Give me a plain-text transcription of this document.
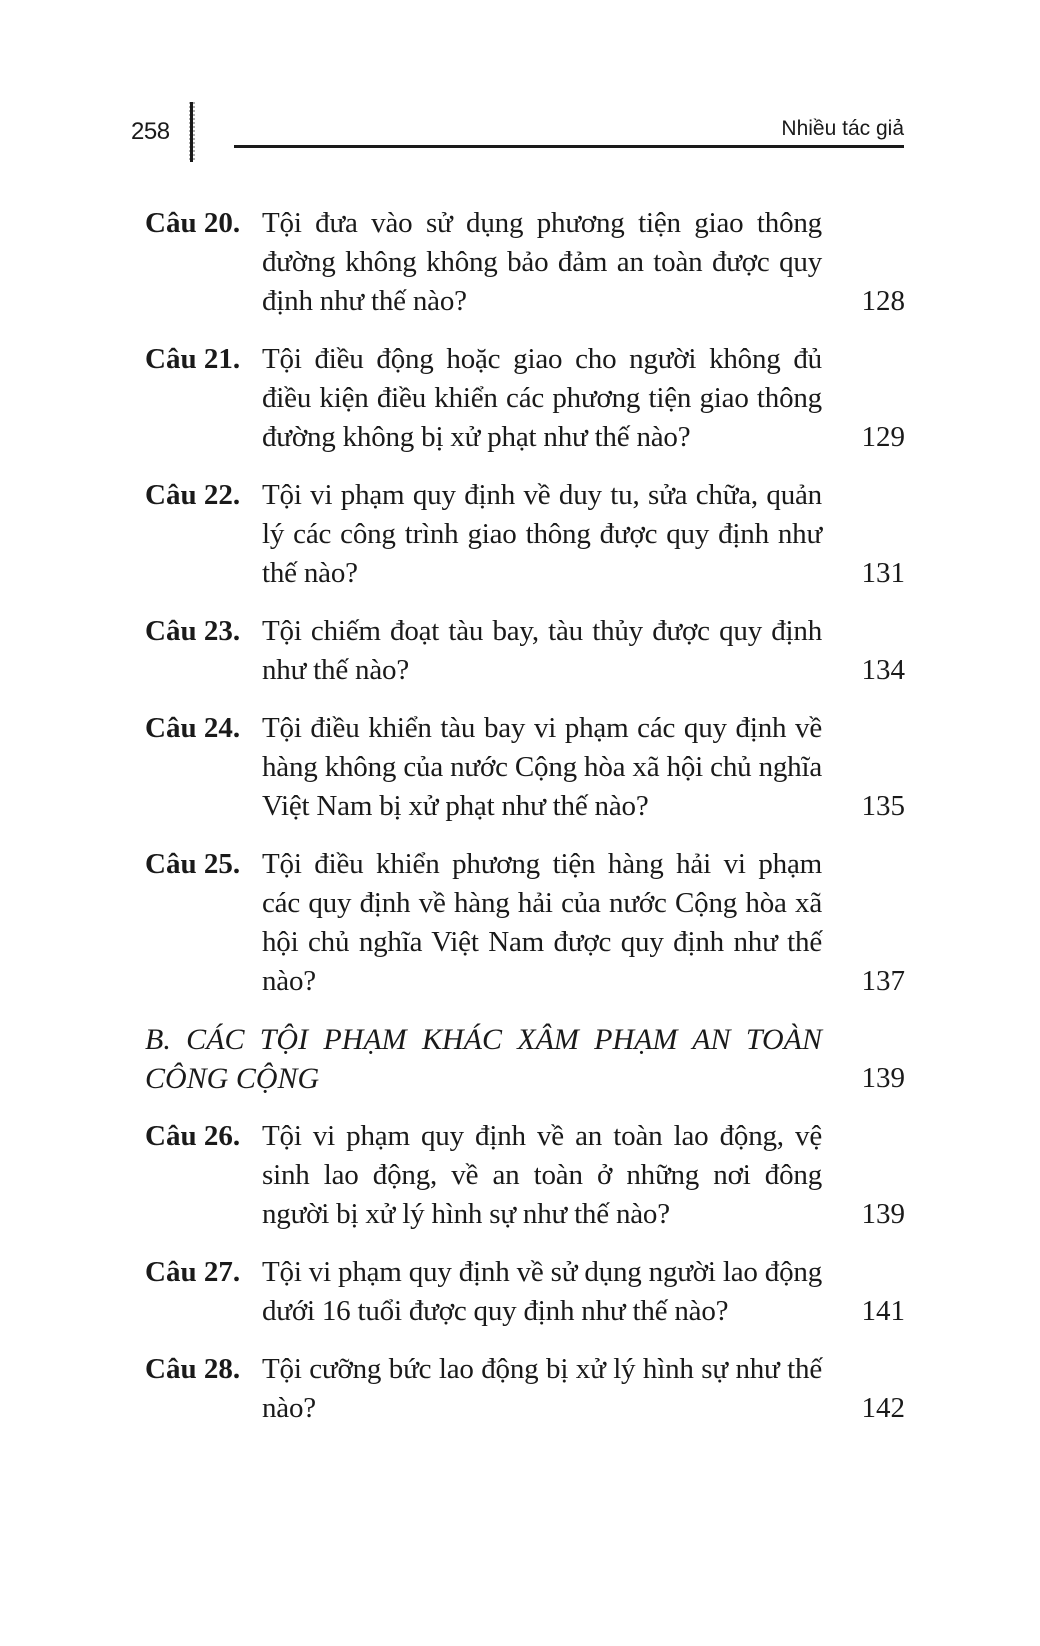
258	Nhiều tác giả
Câu 20. Tội đưa vào sử dụng phương tiện giao thông đường không không bảo đảm an toàn được quy định như thế nào?	128
Câu 21. Tội điều động hoặc giao cho người không đủ điều kiện điều khiển các phương tiện giao thông đường không bị xử phạt như thế nào?	129
Câu 22. Tội vi phạm quy định về duy tu, sửa chữa, quản lý các công trình giao thông được quy định như thế nào?	131
Câu 23. Tội chiếm đoạt tàu bay, tàu thủy được quy định như thế nào?	134
Câu 24. Tội điều khiển tàu bay vi phạm các quy định về hàng không của nước Cộng hòa xã hội chủ nghĩa Việt Nam bị xử phạt như thế nào?	135
Câu 25. Tội điều khiển phương tiện hàng hải vi phạm các quy định về hàng hải của nước Cộng hòa xã hội chủ nghĩa Việt Nam được quy định như thế nào?	137
B. CÁC TỘI PHẠM KHÁC XÂM PHẠM AN TOÀN CÔNG CỘNG	139
Câu 26. Tội vi phạm quy định về an toàn lao động, vệ sinh lao động, về an toàn ở những nơi đông người bị xử lý hình sự như thế nào?	139
Câu 27. Tội vi phạm quy định về sử dụng người lao động dưới 16 tuổi được quy định như thế nào?	141
Câu 28. Tội cưỡng bức lao động bị xử lý hình sự như thế nào?	142
